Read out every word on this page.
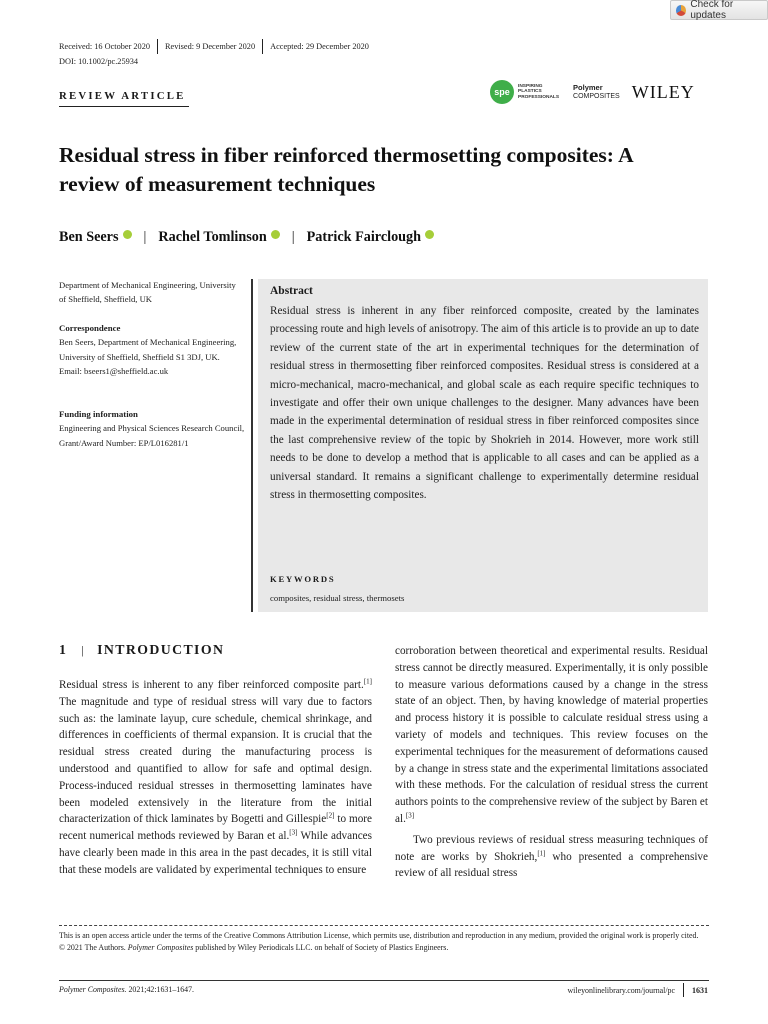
Check for updates
Received: 16 October 2020 Revised: 9 December 2020 Accepted: 29 December 2020
DOI: 10.1002/pc.25934
REVIEW ARTICLE	spe
INSPIRING
PLASTICS
PROFESSIONALS
Polymer
COMPOSITES WILEY
Residual stress in fiber reinforced thermosetting composites: A review of measurement techniques
Ben Seers | Rachel Tomlinson | Patrick Fairclough
Department of Mechanical Engineering, University of Sheffield, Sheffield, UK
Correspondence
Ben Seers, Department of Mechanical Engineering, University of Sheffield, Sheffield S1 3DJ, UK.
Email: bseers1@sheffield.ac.uk
Funding information
Engineering and Physical Sciences Research Council, Grant/Award Number: EP/L016281/1
Abstract
Residual stress is inherent in any fiber reinforced composite, created by the laminates processing route and high levels of anisotropy. The aim of this article is to provide an up to date review of the current state of the art in experimental techniques for the determination of residual stress in thermosetting fiber reinforced composites. Residual stress is considered at a micro-mechanical, macro-mechanical, and global scale as each require specific techniques to investigate and offer their own unique challenges to the designer. Many advances have been made in the experimental determination of residual stress in fiber reinforced composites since the last comprehensive review of the topic by Shokrieh in 2014. However, more work still needs to be done to develop a method that is applicable to all cases and can be applied as a universal standard. It remains a significant challenge to experimentally determine residual stress in thermosetting composites.
KEYWORDS
composites, residual stress, thermosets
1 | INTRODUCTION

Residual stress is inherent to any fiber reinforced composite part.[1] The magnitude and type of residual stress will vary due to factors such as: the laminate layup, cure schedule, chemical shrinkage, and differences in coefficients of thermal expansion. It is crucial that the residual stress created during the manufacturing process is understood and quantified to allow for safe and optimal design. Process-induced residual stresses in thermosetting laminates have been modeled extensively in the literature from the initial characterization of thick laminates by Bogetti and Gillespie[2] to more recent numerical methods reviewed by Baran et al.[3] While advances have clearly been made in this area in the past decades, it is still vital that these models are validated by experimental techniques to ensure

corroboration between theoretical and experimental results. Residual stress cannot be directly measured. Experimentally, it is only possible to measure various deformations caused by a change in the stress state of an object. Then, by having knowledge of material properties and process history it is possible to calculate residual stress using a variety of models and techniques. This review focuses on the experimental techniques for the measurement of deformations caused by a change in stress state and the experimental limitations associated with these methods. For the calculation of residual stress the current authors points to the comprehensive review of the subject by Baren et al.[3]

Two previous reviews of residual stress measuring techniques of note are works by Shokrieh,[1] who presented a comprehensive review of all residual stress

This is an open access article under the terms of the Creative Commons Attribution License, which permits use, distribution and reproduction in any medium, provided the original work is properly cited.
© 2021 The Authors. Polymer Composites published by Wiley Periodicals LLC. on behalf of Society of Plastics Engineers.
Polymer Composites. 2021;42:1631–1647.	wileyonlinelibrary.com/journal/pc 1631
